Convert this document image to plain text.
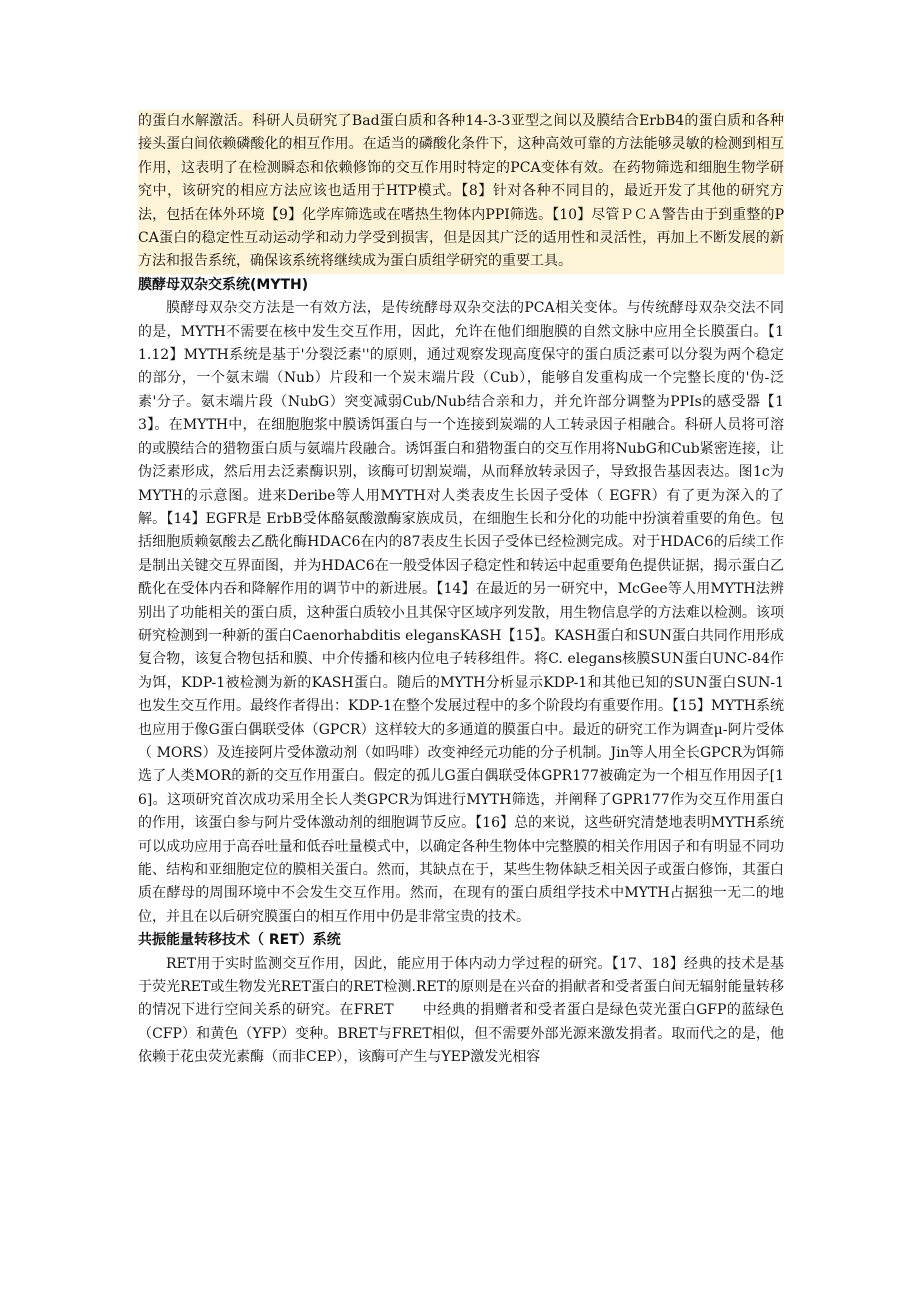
的蛋白水解激活。科研人员研究了Bad蛋白质和各种14-3-3亚型之间以及膜结合ErbB4的蛋白质和各种接头蛋白间依赖磷酸化的相互作用。在适当的磷酸化条件下，这种高效可靠的方法能够灵敏的检测到相互作用，这表明了在检测瞬态和依赖修饰的交互作用时特定的PCA变体有效。在药物筛选和细胞生物学研究中，该研究的相应方法应该也适用于HTP模式。【8】针对各种不同目的，最近开发了其他的研究方法，包括在体外环境【9】化学库筛选或在嗜热生物体内PPI筛选。【10】尽管ＰＣＡ警告由于到重整的PCA蛋白的稳定性互动运动学和动力学受到损害，但是因其广泛的适用性和灵活性，再加上不断发展的新方法和报告系统，确保该系统将继续成为蛋白质组学研究的重要工具。

膜酵母双杂交系统(MYTH)

膜酵母双杂交方法是一有效方法，是传统酵母双杂交法的PCA相关变体。与传统酵母双杂交法不同的是，MYTH不需要在核中发生交互作用，因此，允许在他们细胞膜的自然文脉中应用全长膜蛋白。【11.12】MYTH系统是基于'分裂泛素''的原则，通过观察发现高度保守的蛋白质泛素可以分裂为两个稳定的部分，一个氨末端（Nub）片段和一个炭末端片段（Cub），能够自发重构成一个完整长度的'伪-泛素'分子。氨末端片段（NubG）突变减弱Cub/Nub结合亲和力，并允许部分调整为PPIs的感受器【13】。在MYTH中，在细胞胞浆中膜诱饵蛋白与一个连接到炭端的人工转录因子相融合。科研人员将可溶的或膜结合的猎物蛋白质与氨端片段融合。诱饵蛋白和猎物蛋白的交互作用将NubG和Cub紧密连接，让伪泛素形成，然后用去泛素酶识别，该酶可切割炭端，从而释放转录因子，导致报告基因表达。图1c为MYTH的示意图。进来Deribe等人用MYTH对人类表皮生长因子受体（ EGFR）有了更为深入的了解。【14】EGFR是 ErbB受体酪氨酸激酶家族成员，在细胞生长和分化的功能中扮演着重要的角色。包括细胞质赖氨酸去乙酰化酶HDAC6在内的87表皮生长因子受体已经检测完成。对于HDAC6的后续工作是制出关键交互界面图，并为HDAC6在一般受体因子稳定性和转运中起重要角色提供证据，揭示蛋白乙酰化在受体内吞和降解作用的调节中的新进展。【14】在最近的另一研究中，McGee等人用MYTH法辨别出了功能相关的蛋白质，这种蛋白质较小且其保守区域序列发散，用生物信息学的方法难以检测。该项研究检测到一种新的蛋白Caenorhabditis elegansKASH【15】。KASH蛋白和SUN蛋白共同作用形成复合物，该复合物包括和膜、中介传播和核内位电子转移组件。将C. elegans核膜SUN蛋白UNC-84作为饵，KDP-1被检测为新的KASH蛋白。随后的MYTH分析显示KDP-1和其他已知的SUN蛋白SUN-1也发生交互作用。最终作者得出：KDP-1在整个发展过程中的多个阶段均有重要作用。【15】MYTH系统也应用于像G蛋白偶联受体（GPCR）这样较大的多通道的膜蛋白中。最近的研究工作为调查μ-阿片受体（ MORS）及连接阿片受体激动剂（如吗啡）改变神经元功能的分子机制。Jin等人用全长GPCR为饵筛选了人类MOR的新的交互作用蛋白。假定的孤儿G蛋白偶联受体GPR177被确定为一个相互作用因子[16]。这项研究首次成功采用全长人类GPCR为饵进行MYTH筛选，并阐释了GPR177作为交互作用蛋白的作用，该蛋白参与阿片受体激动剂的细胞调节反应。【16】总的来说，这些研究清楚地表明MYTH系统可以成功应用于高吞吐量和低吞吐量模式中，以确定各种生物体中完整膜的相关作用因子和有明显不同功能、结构和亚细胞定位的膜相关蛋白。然而，其缺点在于，某些生物体缺乏相关因子或蛋白修饰，其蛋白质在酵母的周围环境中不会发生交互作用。然而，在现有的蛋白质组学技术中MYTH占据独一无二的地位，并且在以后研究膜蛋白的相互作用中仍是非常宝贵的技术。

共振能量转移技术（ RET）系统

RET用于实时监测交互作用，因此，能应用于体内动力学过程的研究。【17、18】经典的技术是基于荧光RET或生物发光RET蛋白的RET检测.RET的原则是在兴奋的捐献者和受者蛋白间无辐射能量转移的情况下进行空间关系的研究。在FRET　　中经典的捐赠者和受者蛋白是绿色荧光蛋白GFP的蓝绿色（CFP）和黄色（YFP）变种。BRET与FRET相似，但不需要外部光源来激发捐者。取而代之的是，他依赖于花虫荧光素酶（而非CEP），该酶可产生与YEP激发光相容
